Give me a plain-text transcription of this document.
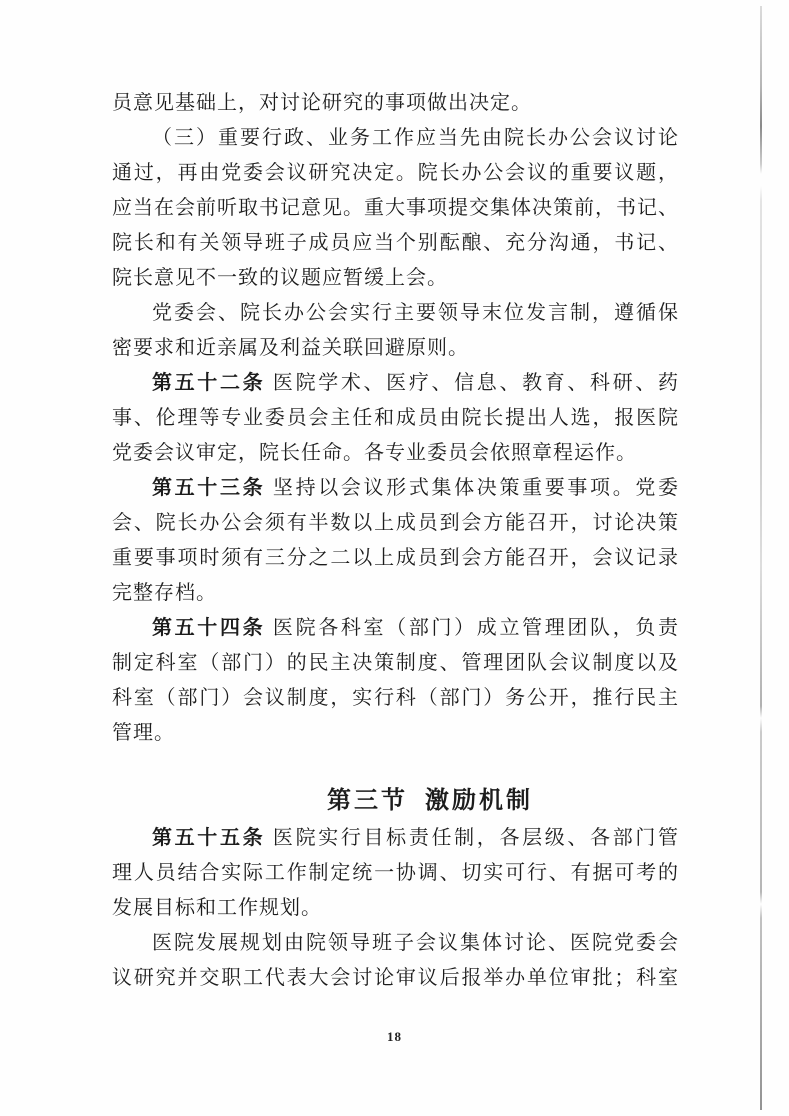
员意见基础上，对讨论研究的事项做出决定。
（三）重要行政、业务工作应当先由院长办公会议讨论
通过，再由党委会议研究决定。院长办公会议的重要议题，
应当在会前听取书记意见。重大事项提交集体决策前，书记、
院长和有关领导班子成员应当个别酝酿、充分沟通，书记、
院长意见不一致的议题应暂缓上会。
党委会、院长办公会实行主要领导末位发言制，遵循保
密要求和近亲属及利益关联回避原则。
第五十二条 医院学术、医疗、信息、教育、科研、药
事、伦理等专业委员会主任和成员由院长提出人选，报医院
党委会议审定，院长任命。各专业委员会依照章程运作。
第五十三条 坚持以会议形式集体决策重要事项。党委
会、院长办公会须有半数以上成员到会方能召开，讨论决策
重要事项时须有三分之二以上成员到会方能召开，会议记录
完整存档。
第五十四条 医院各科室（部门）成立管理团队，负责
制定科室（部门）的民主决策制度、管理团队会议制度以及
科室（部门）会议制度，实行科（部门）务公开，推行民主
管理。
第三节 激励机制
第五十五条 医院实行目标责任制，各层级、各部门管
理人员结合实际工作制定统一协调、切实可行、有据可考的
发展目标和工作规划。
医院发展规划由院领导班子会议集体讨论、医院党委会
议研究并交职工代表大会讨论审议后报举办单位审批；科室
18
